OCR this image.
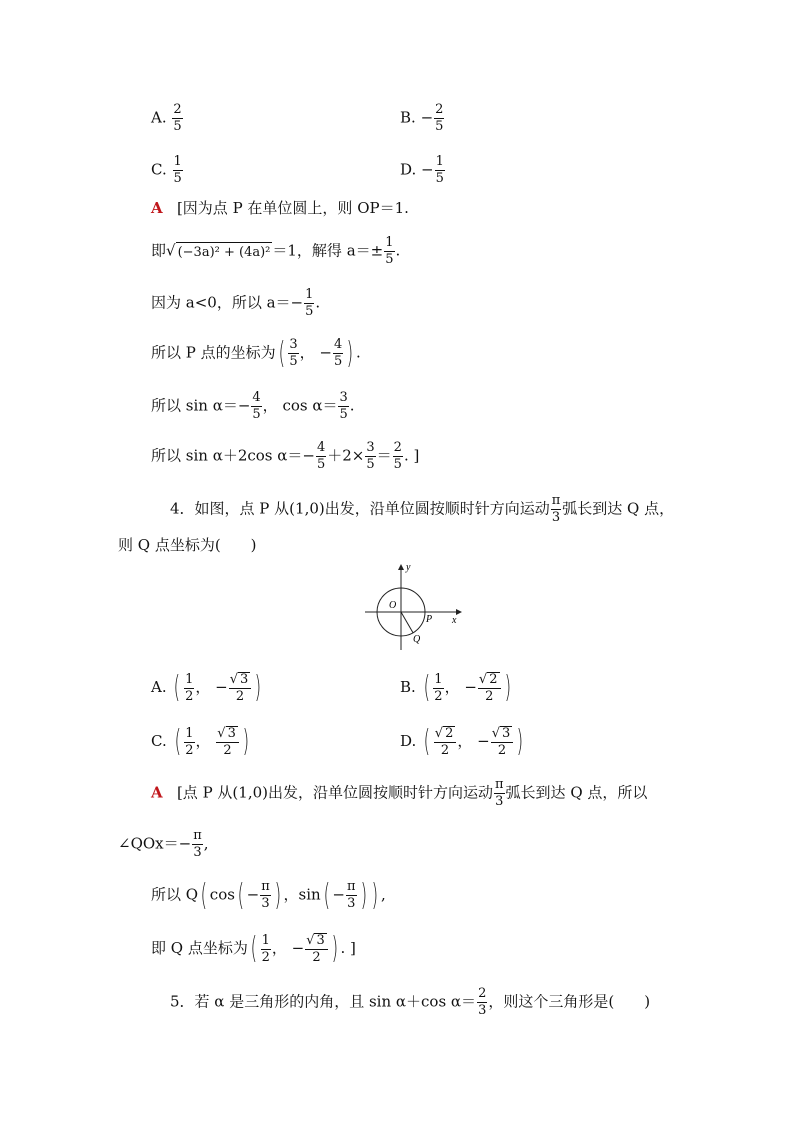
A. $\frac{2}{5}$	B. − $\frac{2}{5}$
C. $\frac{1}{5}$	D. − $\frac{1}{5}$
A [因为点 P 在单位圆上，则 OP＝1.
即√ (−3a)² + (4a)² ＝1，解得 $a=\pm \frac{1}{5}$ .
因为 a<0，所以 $a=- \frac{1}{5}$ .
所以 P 点的坐标为( $\frac{3}{5}$ ， − $\frac{4}{5}$ ) .
所以 $\sin \alpha=- \frac{4}{5}$ ， $\cos \alpha= \frac{3}{5}$ .
所以 sin α＋2cos $\alpha=- \frac{4}{5} +2\times \frac{3}{5} = \frac{2}{5}$ . ]
4．如图，点 P 从(1,0)出发，沿单位圆按顺时针方向运动 $\frac{\pi}{3}$ 弧长到达 Q 点，
则 Q 点坐标为(　　)
y
x
O
P
Q
A. ( $\frac{1}{2}$ ， − $\frac{√ 3}{2}$ )	B. ( $\frac{1}{2}$ ， − $\frac{√ 2}{2}$ )
C. ( $\frac{1}{2}$ ， $\frac{√ 3}{2}$ )	D. ( $\frac{√ 2}{2}$ ， − $\frac{√ 3}{2}$ )
A [点 P 从(1,0)出发，沿单位圆按顺时针方向运动 $\frac{\pi}{3}$ 弧长到达 Q 点，所以
∠QOx＝− $\frac{\pi}{3}$ ,
所以 Q( $\cos( - \frac{\pi}{3}$ ) ，$\sin( - \frac{\pi}{3}$ ) ) ,
即 Q 点坐标为( $\frac{1}{2}$ ， − $\frac{√ 3}{2}$ ) . ]
5．若 α 是三角形的内角，且 sin α＋cos $\alpha= \frac{2}{3}$ ，则这个三角形是(　　)
